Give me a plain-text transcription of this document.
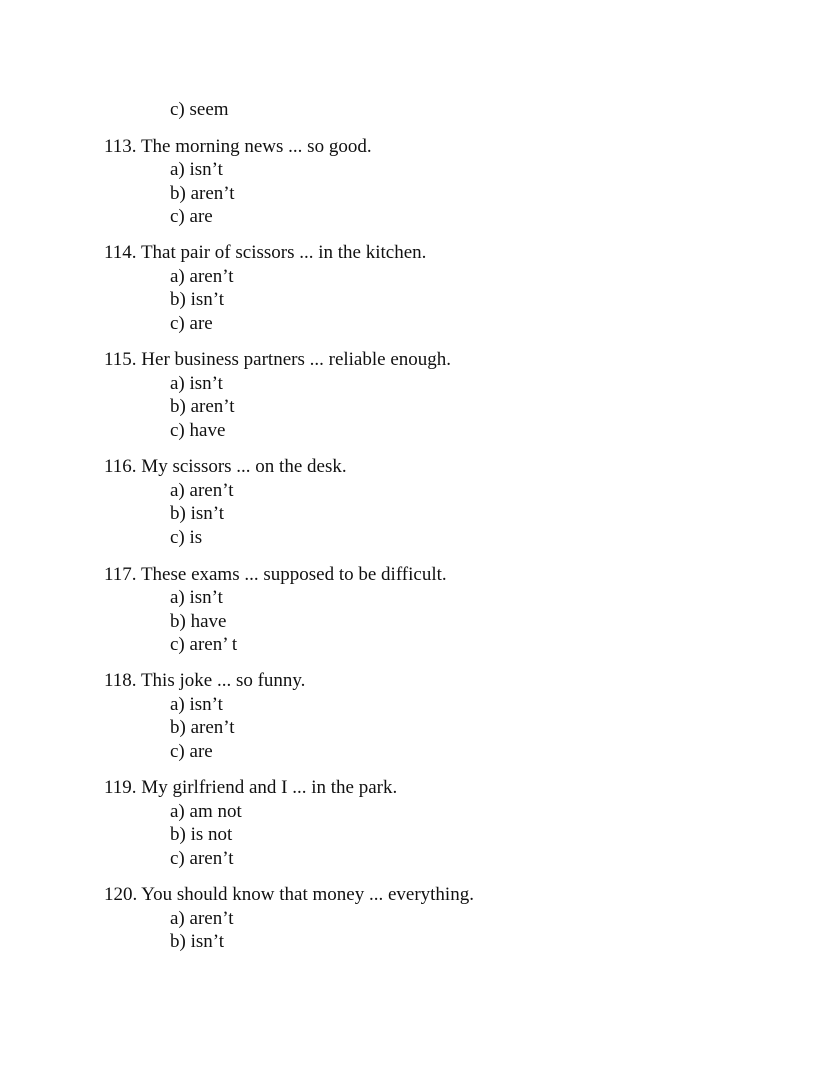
c) seem
113. The morning news ... so good.
a) isn’t
b) aren’t
c) are
114. That pair of scissors ... in the kitchen.
a) aren’t
b) isn’t
c) are
115. Her business partners ... reliable enough.
a) isn’t
b) aren’t
c) have
116. My scissors ... on the desk.
a) aren’t
b) isn’t
c) is
117. These exams ... supposed to be difficult.
a) isn’t
b) have
c) aren’ t
118. This joke ... so funny.
a) isn’t
b) aren’t
c) are
119. My girlfriend and I ... in the park.
a) am not
b) is not
c) aren’t
120. You should know that money ... everything.
a) aren’t
b) isn’t
